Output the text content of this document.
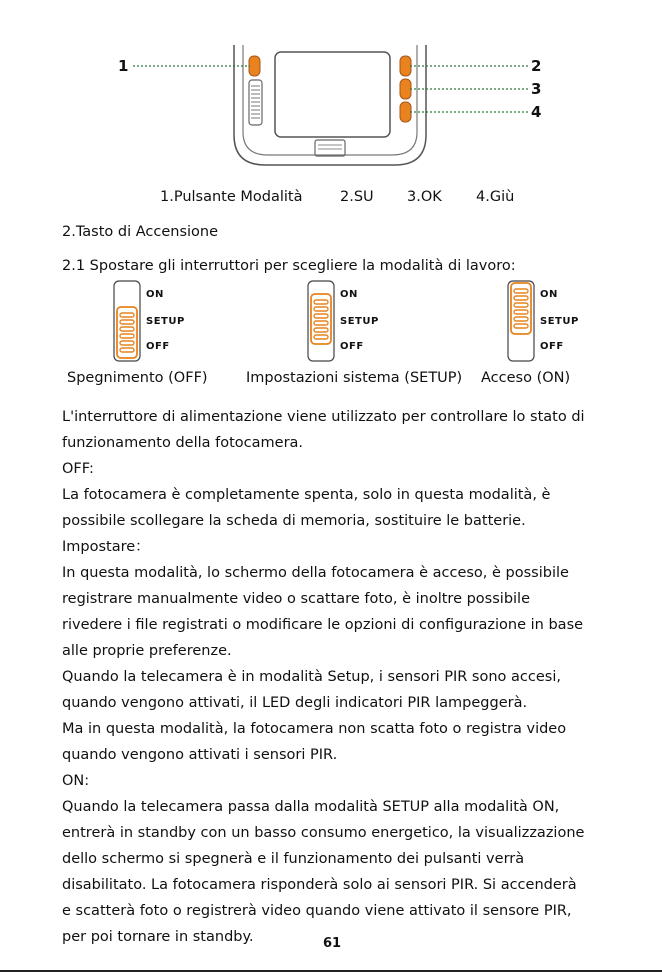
1	2
3
4
1.Pulsante Modalità	2.SU 3.OK 4.Giù
2.Tasto di Accensione
2.1 Spostare gli interruttori per scegliere la modalità di lavoro:
ON
SETUP
OFF
ON
SETUP
OFF
ON
SETUP
OFF
Spegnimento (OFF)	Impostazioni sistema (SETUP) Acceso (ON)
L'interruttore di alimentazione viene utilizzato per controllare lo stato di
funzionamento della fotocamera.
OFF:
La fotocamera è completamente spenta, solo in questa modalità, è
possibile scollegare la scheda di memoria, sostituire le batterie.
Impostare：
In questa modalità, lo schermo della fotocamera è acceso, è possibile
registrare manualmente video o scattare foto, è inoltre possibile
rivedere i file registrati o modificare le opzioni di configurazione in base
alle proprie preferenze.
Quando la telecamera è in modalità Setup, i sensori PIR sono accesi,
quando vengono attivati, il LED degli indicatori PIR lampeggerà.
Ma in questa modalità, la fotocamera non scatta foto o registra video
quando vengono attivati i sensori PIR.
ON:
Quando la telecamera passa dalla modalità SETUP alla modalità ON,
entrerà in standby con un basso consumo energetico, la visualizzazione
dello schermo si spegnerà e il funzionamento dei pulsanti verrà
disabilitato. La fotocamera risponderà solo ai sensori PIR. Si accenderà
e scatterà foto o registrerà video quando viene attivato il sensore PIR,
per poi tornare in standby.	61
